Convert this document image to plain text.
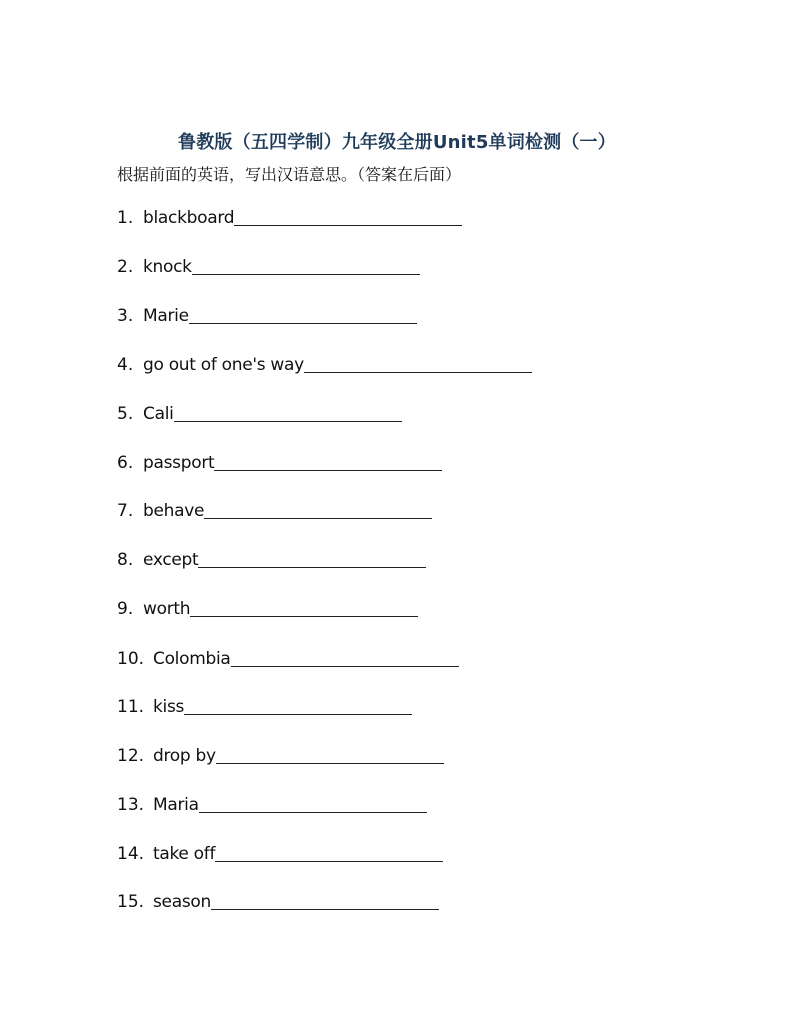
鲁教版（五四学制）九年级全册Unit5单词检测（一）
根据前面的英语，写出汉语意思。（答案在后面）
1. blackboard
2. knock
3. Marie
4. go out of one's way
5. Cali
6. passport
7. behave
8. except
9. worth
10. Colombia
11. kiss
12. drop by
13. Maria
14. take off
15. season
